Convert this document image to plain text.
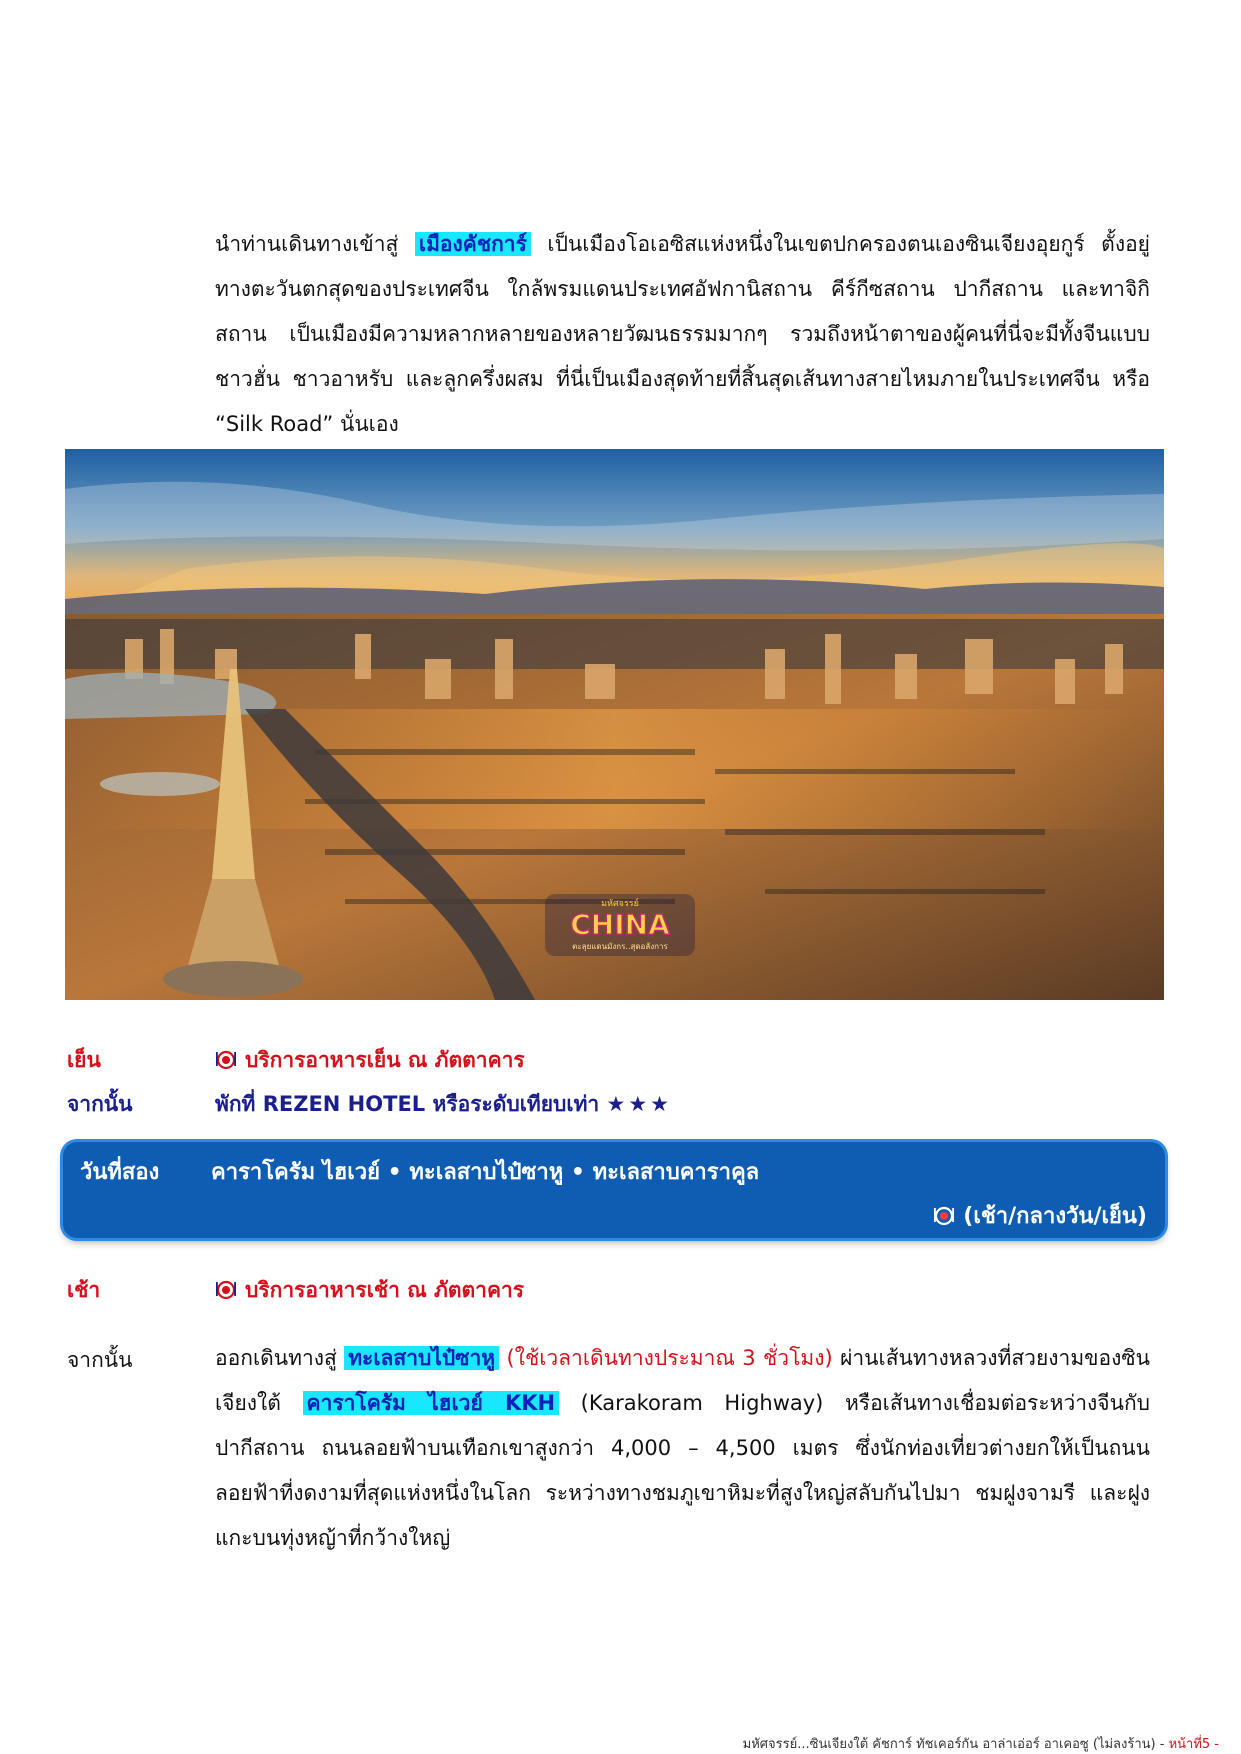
นำท่านเดินทางเข้าสู่ เมืองคัชการ์ เป็นเมืองโอเอซิสแห่งหนึ่งในเขตปกครองตนเองซินเจียงอุยกูร์ ตั้งอยู่ทางตะวันตกสุดของประเทศจีน ใกล้พรมแดนประเทศอัฟกานิสถาน คีร์กีซสถาน ปากีสถาน และทาจิกิสถาน เป็นเมืองมีความหลากหลายของหลายวัฒนธรรมมากๆ รวมถึงหน้าตาของผู้คนที่นี่จะมีทั้งจีนแบบชาวฮั่น ชาวอาหรับ และลูกครึ่งผสม ที่นี่เป็นเมืองสุดท้ายที่สิ้นสุดเส้นทางสายไหมภายในประเทศจีน หรือ “Silk Road” นั่นเอง
มหัศจรรย์
CHINA
ตะลุยแดนมังกร..สุดอลังการ
เย็น	บริการอาหารเย็น ณ ภัตตาคาร
จากนั้น	พักที่ REZEN HOTEL หรือระดับเทียบเท่า ★★★
วันที่สอง คาราโครัม ไฮเวย์ • ทะเลสาบไป๋ซาหู • ทะเลสาบคาราคูล
(เช้า/กลางวัน/เย็น)
เช้า	บริการอาหารเช้า ณ ภัตตาคาร
จากนั้น	ออกเดินทางสู่ ทะเลสาบไป๋ซาหู (ใช้เวลาเดินทางประมาณ 3 ชั่วโมง) ผ่านเส้นทางหลวงที่สวยงามของซินเจียงใต้ คาราโครัม ไฮเวย์ KKH (Karakoram Highway) หรือเส้นทางเชื่อมต่อระหว่างจีนกับปากีสถาน ถนนลอยฟ้าบนเทือกเขาสูงกว่า 4,000 – 4,500 เมตร ซึ่งนักท่องเที่ยวต่างยกให้เป็นถนนลอยฟ้าที่งดงามที่สุดแห่งหนึ่งในโลก ระหว่างทางชมภูเขาหิมะที่สูงใหญ่สลับกันไปมา ชมฝูงจามรี และฝูงแกะบนทุ่งหญ้าที่กว้างใหญ่
มหัศจรรย์...ซินเจียงใต้ คัชการ์ ทัชเคอร์กัน อาล่าเอ่อร์ อาเคอซู (ไม่ลงร้าน) - หน้าที่5 -
